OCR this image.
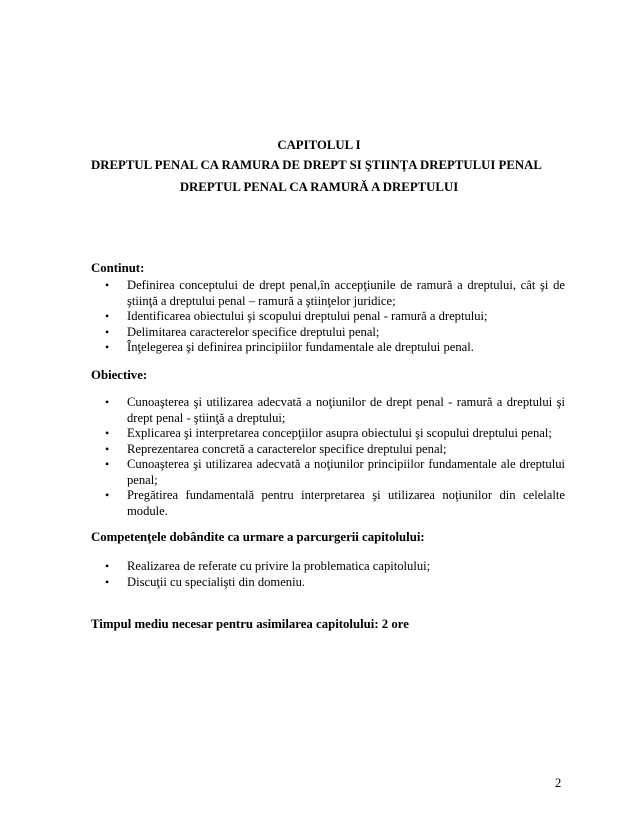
CAPITOLUL I
DREPTUL PENAL CA RAMURA DE DREPT SI ŞTIINŢA DREPTULUI PENAL
DREPTUL PENAL CA RAMURĂ A DREPTULUI
Continut:
• Definirea conceptului de drept penal,în accepţiunile de ramură a dreptului, cât şi de ştiinţă a dreptului penal – ramură a ştiinţelor juridice;
• Identificarea obiectului şi scopului dreptului penal - ramură a dreptului;
• Delimitarea caracterelor specifice dreptului penal;
• Înţelegerea şi definirea principiilor fundamentale ale dreptului penal.
Obiective:
• Cunoaşterea şi utilizarea adecvată a noţiunilor de drept penal - ramură a dreptului şi drept penal - ştiinţă a dreptului;
• Explicarea şi interpretarea concepţiilor asupra obiectului şi scopului dreptului penal;
• Reprezentarea concretă a caracterelor specifice dreptului penal;
• Cunoaşterea şi utilizarea adecvată a noţiunilor principiilor fundamentale ale dreptului penal;
• Pregătirea fundamentală pentru interpretarea şi utilizarea noţiunilor din celelalte module.
Competenţele dobândite ca urmare a parcurgerii capitolului:
• Realizarea de referate cu privire la problematica capitolului;
• Discuţii cu specialişti din domeniu.
Timpul mediu necesar pentru asimilarea capitolului: 2 ore
2
